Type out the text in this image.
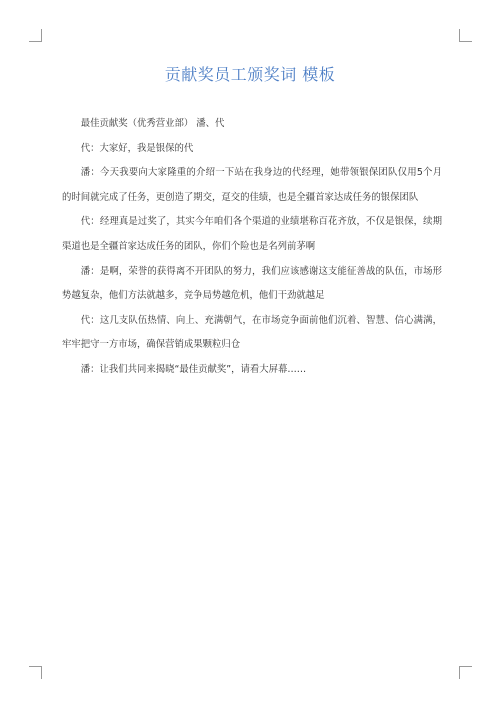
贡献奖员工颁奖词 模板

最佳贡献奖（优秀营业部） 潘、代

代：大家好，我是银保的代

潘：今天我要向大家隆重的介绍一下站在我身边的代经理，她带领银保团队仅用5个月的时间就完成了任务，更创造了期交，趸交的佳绩，也是全疆首家达成任务的银保团队

代：经理真是过奖了，其实今年咱们各个渠道的业绩堪称百花齐放，不仅是银保，续期渠道也是全疆首家达成任务的团队，你们个险也是名列前茅啊

潘：是啊，荣誉的获得离不开团队的努力，我们应该感谢这支能征善战的队伍，市场形势越复杂，他们方法就越多，竞争局势越危机，他们干劲就越足

代：这几支队伍热情、向上、充满朝气，在市场竞争面前他们沉着、智慧、信心满满，牢牢把守一方市场，确保营销成果颗粒归仓

潘：让我们共同来揭晓“最佳贡献奖”，请看大屏幕……
